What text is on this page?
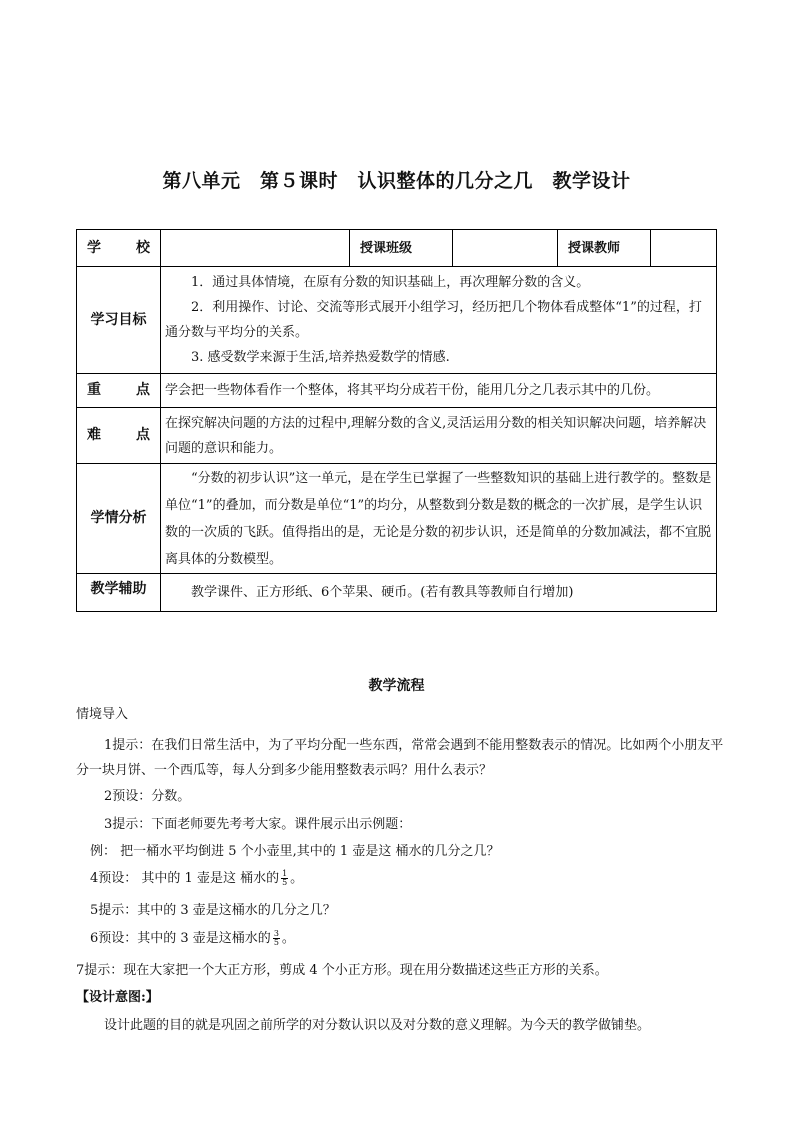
第八单元　第５课时　认识整体的几分之几　教学设计
学 校		授课班级		授课教师	
学习目标	1．通过具体情境，在原有分数的知识基础上，再次理解分数的含义。

2．利用操作、讨论、交流等形式展开小组学习，经历把几个物体看成整体“1”的过程，打通分数与平均分的关系。

3. 感受数学来源于生活,培养热爱数学的情感.				

重 点	学会把一些物体看作一个整体，将其平均分成若干份，能用几分之几表示其中的几份。				

难 点	在探究解决问题的方法的过程中,理解分数的含义,灵活运用分数的相关知识解决问题，培养解决问题的意识和能力。				
学情分析	“分数的初步认识”这一单元，是在学生已掌握了一些整数知识的基础上进行教学的。整数是单位“1”的叠加，而分数是单位“1”的均分，从整数到分数是数的概念的一次扩展，是学生认识数的一次质的飞跃。值得指出的是，无论是分数的初步认识，还是简单的分数加减法，都不宜脱离具体的分数模型。				
教学辅助	教学课件、正方形纸、6个苹果、硬币。(若有教具等教师自行增加)				
教学流程
情境导入
1提示：在我们日常生活中，为了平均分配一些东西，常常会遇到不能用整数表示的情况。比如两个小朋友平分一块月饼、一个西瓜等，每人分到多少能用整数表示吗？用什么表示？
2预设：分数。
3提示：下面老师要先考考大家。课件展示出示例题：
例： 把一桶水平均倒进 5 个小壶里,其中的 1 壶是这 桶水的几分之几？
4预设： 其中的 1 壶是这 桶水的 $\frac{1}{5}$ 。
5提示：其中的 3 壶是这桶水的几分之几？
6预设：其中的 3 壶是这桶水的 $\frac{3}{5}$ 。
7提示：现在大家把一个大正方形，剪成 4 个小正方形。现在用分数描述这些正方形的关系。
【设计意图:】
设计此题的目的就是巩固之前所学的对分数认识以及对分数的意义理解。为今天的教学做铺垫。
